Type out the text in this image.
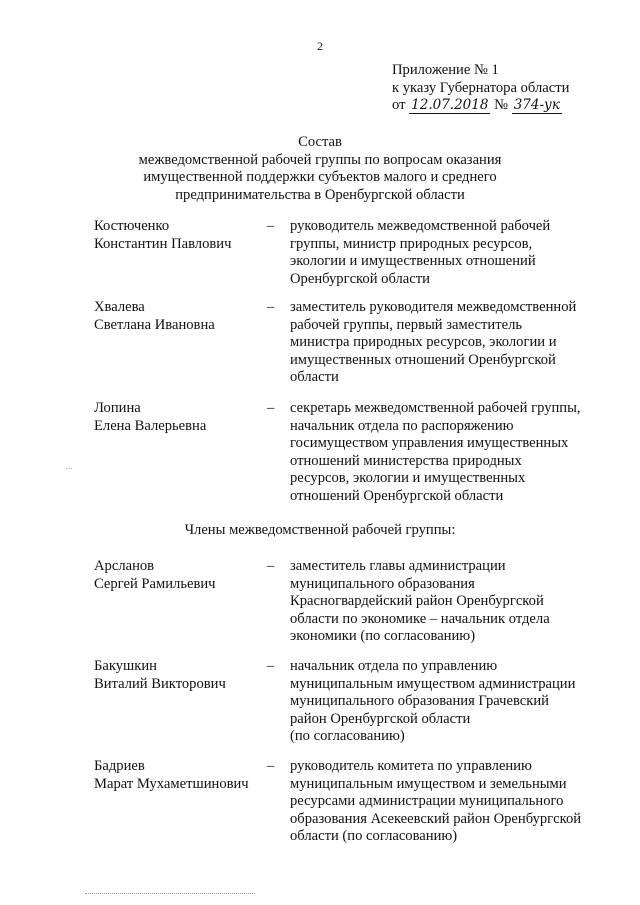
2
Приложение № 1
к указу Губернатора области
от 12.07.2018 № 374-ук
Состав
межведомственной рабочей группы по вопросам оказания
имущественной поддержки субъектов малого и среднего
предпринимательства в Оренбургской области
Костюченко
Константин Павлович
– руководитель межведомственной рабочей
группы, министр природных ресурсов,
экологии и имущественных отношений
Оренбургской области
Хвалева
Светлана Ивановна
– заместитель руководителя межведомственной
рабочей группы, первый заместитель
министра природных ресурсов, экологии и
имущественных отношений Оренбургской
области
Лопина
Елена Валерьевна
– секретарь межведомственной рабочей группы,
начальник отдела по распоряжению
госимуществом управления имущественных
отношений министерства природных
ресурсов, экологии и имущественных
отношений Оренбургской области
Члены межведомственной рабочей группы:
Арсланов
Сергей Рамильевич
– заместитель главы администрации
муниципального образования
Красногвардейский район Оренбургской
области по экономике – начальник отдела
экономики (по согласованию)
Бакушкин
Виталий Викторович
– начальник отдела по управлению
муниципальным имуществом администрации
муниципального образования Грачевский
район Оренбургской области
(по согласованию)
Бадриев
Марат Мухаметшинович
– руководитель комитета по управлению
муниципальным имуществом и земельными
ресурсами администрации муниципального
образования Асекеевский район Оренбургской
области (по согласованию)
